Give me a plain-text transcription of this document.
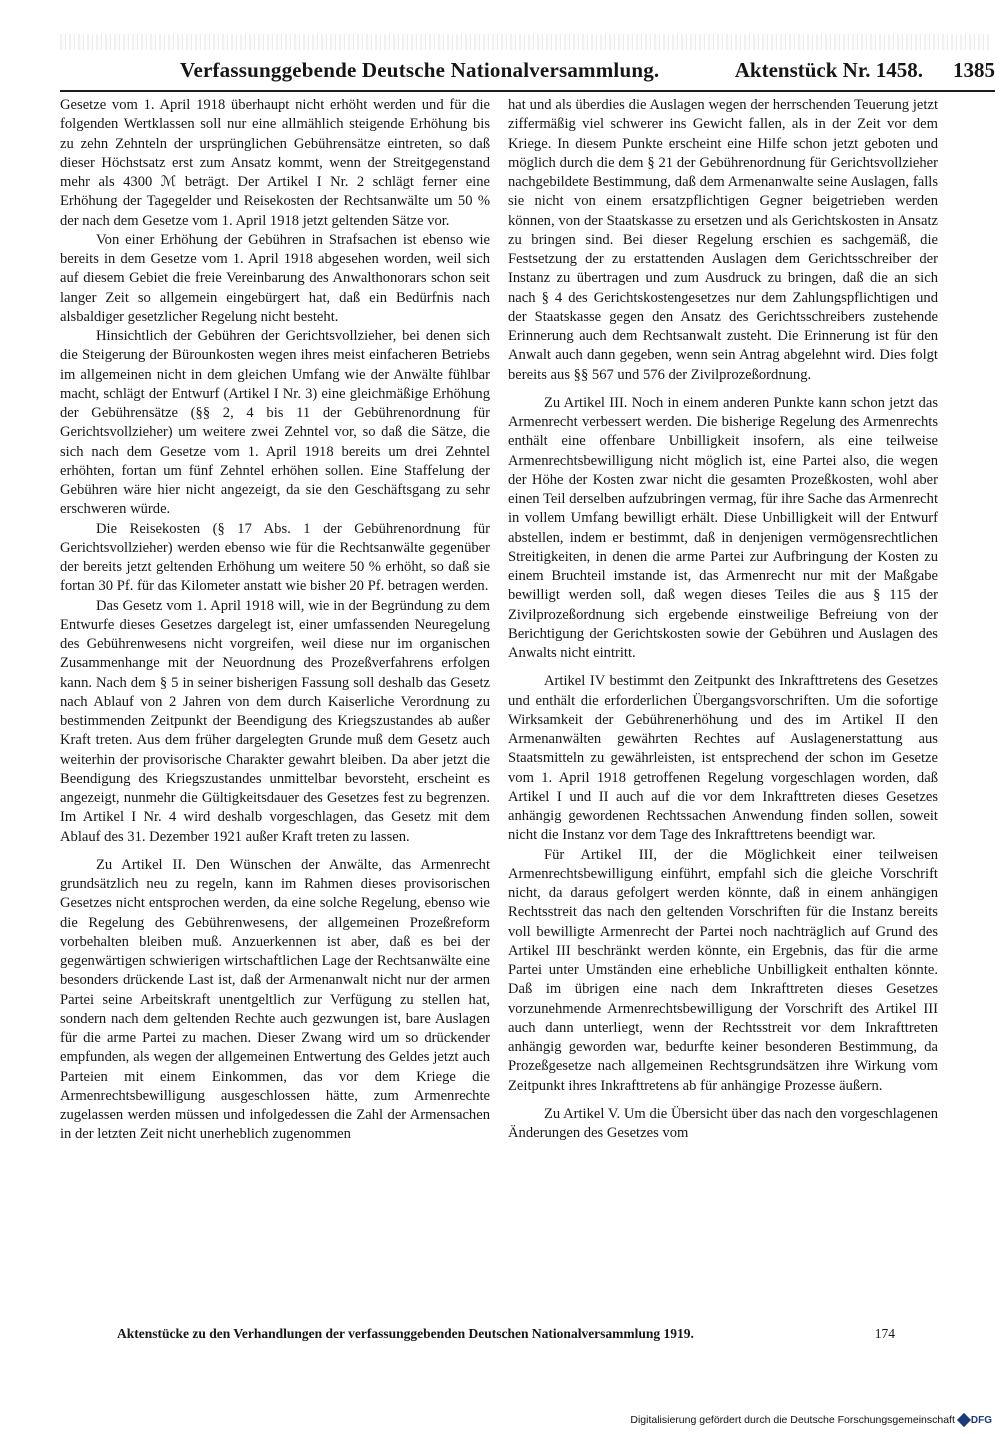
Verfassunggebende Deutsche Nationalversammlung.	Aktenstück Nr. 1458. 1385

Gesetze vom 1. April 1918 überhaupt nicht erhöht werden und für die folgenden Wertklassen soll nur eine allmählich steigende Erhöhung bis zu zehn Zehnteln der ursprünglichen Gebührensätze eintreten, so daß dieser Höchstsatz erst zum Ansatz kommt, wenn der Streitgegenstand mehr als 4300 ℳ beträgt. Der Artikel I Nr. 2 schlägt ferner eine Erhöhung der Tagegelder und Reisekosten der Rechtsanwälte um 50 % der nach dem Gesetze vom 1. April 1918 jetzt geltenden Sätze vor.

Von einer Erhöhung der Gebühren in Strafsachen ist ebenso wie bereits in dem Gesetze vom 1. April 1918 abgesehen worden, weil sich auf diesem Gebiet die freie Vereinbarung des Anwalthonorars schon seit langer Zeit so allgemein eingebürgert hat, daß ein Bedürfnis nach alsbaldiger gesetzlicher Regelung nicht besteht.

Hinsichtlich der Gebühren der Gerichtsvollzieher, bei denen sich die Steigerung der Bürounkosten wegen ihres meist einfacheren Betriebs im allgemeinen nicht in dem gleichen Umfang wie der Anwälte fühlbar macht, schlägt der Entwurf (Artikel I Nr. 3) eine gleichmäßige Erhöhung der Gebührensätze (§§ 2, 4 bis 11 der Gebührenordnung für Gerichtsvollzieher) um weitere zwei Zehntel vor, so daß die Sätze, die sich nach dem Gesetze vom 1. April 1918 bereits um drei Zehntel erhöhten, fortan um fünf Zehntel erhöhen sollen. Eine Staffelung der Gebühren wäre hier nicht angezeigt, da sie den Geschäftsgang zu sehr erschweren würde.

Die Reisekosten (§ 17 Abs. 1 der Gebührenordnung für Gerichtsvollzieher) werden ebenso wie für die Rechtsanwälte gegenüber der bereits jetzt geltenden Erhöhung um weitere 50 % erhöht, so daß sie fortan 30 Pf. für das Kilometer anstatt wie bisher 20 Pf. betragen werden.

Das Gesetz vom 1. April 1918 will, wie in der Begründung zu dem Entwurfe dieses Gesetzes dargelegt ist, einer umfassenden Neuregelung des Gebührenwesens nicht vorgreifen, weil diese nur im organischen Zusammenhange mit der Neuordnung des Prozeßverfahrens erfolgen kann. Nach dem § 5 in seiner bisherigen Fassung soll deshalb das Gesetz nach Ablauf von 2 Jahren von dem durch Kaiserliche Verordnung zu bestimmenden Zeitpunkt der Beendigung des Kriegszustandes ab außer Kraft treten. Aus dem früher dargelegten Grunde muß dem Gesetz auch weiterhin der provisorische Charakter gewahrt bleiben. Da aber jetzt die Beendigung des Kriegszustandes unmittelbar bevorsteht, erscheint es angezeigt, nunmehr die Gültigkeitsdauer des Gesetzes fest zu begrenzen. Im Artikel I Nr. 4 wird deshalb vorgeschlagen, das Gesetz mit dem Ablauf des 31. Dezember 1921 außer Kraft treten zu lassen.

Zu Artikel II. Den Wünschen der Anwälte, das Armenrecht grundsätzlich neu zu regeln, kann im Rahmen dieses provisorischen Gesetzes nicht entsprochen werden, da eine solche Regelung, ebenso wie die Regelung des Gebührenwesens, der allgemeinen Prozeßreform vorbehalten bleiben muß. Anzuerkennen ist aber, daß es bei der gegenwärtigen schwierigen wirtschaftlichen Lage der Rechtsanwälte eine besonders drückende Last ist, daß der Armenanwalt nicht nur der armen Partei seine Arbeitskraft unentgeltlich zur Verfügung zu stellen hat, sondern nach dem geltenden Rechte auch gezwungen ist, bare Auslagen für die arme Partei zu machen. Dieser Zwang wird um so drückender empfunden, als wegen der allgemeinen Entwertung des Geldes jetzt auch Parteien mit einem Einkommen, das vor dem Kriege die Armenrechtsbewilligung ausgeschlossen hätte, zum Armenrechte zugelassen werden müssen und infolgedessen die Zahl der Armensachen in der letzten Zeit nicht unerheblich zugenommen

hat und als überdies die Auslagen wegen der herrschenden Teuerung jetzt ziffermäßig viel schwerer ins Gewicht fallen, als in der Zeit vor dem Kriege. In diesem Punkte erscheint eine Hilfe schon jetzt geboten und möglich durch die dem § 21 der Gebührenordnung für Gerichtsvollzieher nachgebildete Bestimmung, daß dem Armenanwalte seine Auslagen, falls sie nicht von einem ersatzpflichtigen Gegner beigetrieben werden können, von der Staatskasse zu ersetzen und als Gerichtskosten in Ansatz zu bringen sind. Bei dieser Regelung erschien es sachgemäß, die Festsetzung der zu erstattenden Auslagen dem Gerichtsschreiber der Instanz zu übertragen und zum Ausdruck zu bringen, daß die an sich nach § 4 des Gerichtskostengesetzes nur dem Zahlungspflichtigen und der Staatskasse gegen den Ansatz des Gerichtsschreibers zustehende Erinnerung auch dem Rechtsanwalt zusteht. Die Erinnerung ist für den Anwalt auch dann gegeben, wenn sein Antrag abgelehnt wird. Dies folgt bereits aus §§ 567 und 576 der Zivilprozeßordnung.

Zu Artikel III. Noch in einem anderen Punkte kann schon jetzt das Armenrecht verbessert werden. Die bisherige Regelung des Armenrechts enthält eine offenbare Unbilligkeit insofern, als eine teilweise Armenrechtsbewilligung nicht möglich ist, eine Partei also, die wegen der Höhe der Kosten zwar nicht die gesamten Prozeßkosten, wohl aber einen Teil derselben aufzubringen vermag, für ihre Sache das Armenrecht in vollem Umfang bewilligt erhält. Diese Unbilligkeit will der Entwurf abstellen, indem er bestimmt, daß in denjenigen vermögensrechtlichen Streitigkeiten, in denen die arme Partei zur Aufbringung der Kosten zu einem Bruchteil imstande ist, das Armenrecht nur mit der Maßgabe bewilligt werden soll, daß wegen dieses Teiles die aus § 115 der Zivilprozeßordnung sich ergebende einstweilige Befreiung von der Berichtigung der Gerichtskosten sowie der Gebühren und Auslagen des Anwalts nicht eintritt.

Artikel IV bestimmt den Zeitpunkt des Inkrafttretens des Gesetzes und enthält die erforderlichen Übergangsvorschriften. Um die sofortige Wirksamkeit der Gebührenerhöhung und des im Artikel II den Armenanwälten gewährten Rechtes auf Auslagenerstattung aus Staatsmitteln zu gewährleisten, ist entsprechend der schon im Gesetze vom 1. April 1918 getroffenen Regelung vorgeschlagen worden, daß Artikel I und II auch auf die vor dem Inkrafttreten dieses Gesetzes anhängig gewordenen Rechtssachen Anwendung finden sollen, soweit nicht die Instanz vor dem Tage des Inkrafttretens beendigt war.

Für Artikel III, der die Möglichkeit einer teilweisen Armenrechtsbewilligung einführt, empfahl sich die gleiche Vorschrift nicht, da daraus gefolgert werden könnte, daß in einem anhängigen Rechtsstreit das nach den geltenden Vorschriften für die Instanz bereits voll bewilligte Armenrecht der Partei noch nachträglich auf Grund des Artikel III beschränkt werden könnte, ein Ergebnis, das für die arme Partei unter Umständen eine erhebliche Unbilligkeit enthalten könnte. Daß im übrigen eine nach dem Inkrafttreten dieses Gesetzes vorzunehmende Armenrechtsbewilligung der Vorschrift des Artikel III auch dann unterliegt, wenn der Rechtsstreit vor dem Inkrafttreten anhängig geworden war, bedurfte keiner besonderen Bestimmung, da Prozeßgesetze nach allgemeinen Rechtsgrundsätzen ihre Wirkung vom Zeitpunkt ihres Inkrafttretens ab für anhängige Prozesse äußern.

Zu Artikel V. Um die Übersicht über das nach den vorgeschlagenen Änderungen des Gesetzes vom

Aktenstücke zu den Verhandlungen der verfassunggebenden Deutschen Nationalversammlung 1919.	174
Digitalisierung gefördert durch die Deutsche Forschungsgemeinschaft DFG
